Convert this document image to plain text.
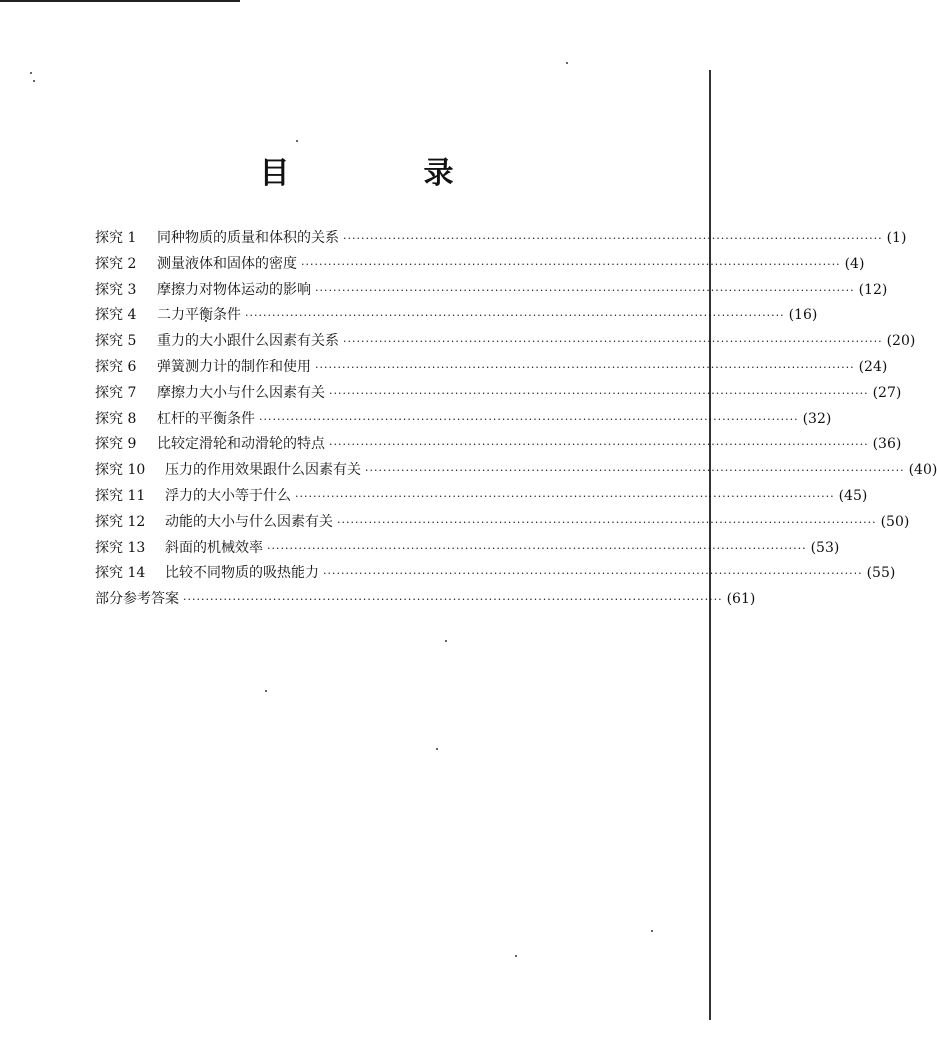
目　录
探究 1	同种物质的质量和体积的关系 ························································································································ (1)
探究 2	测量液体和固体的密度 ························································································································ (4)
探究 3	摩擦力对物体运动的影响 ························································································································ (12)
探究 4	二力平衡条件 ························································································································ (16)
探究 5	重力的大小跟什么因素有关系 ························································································································ (20)
探究 6	弹簧测力计的制作和使用 ························································································································ (24)
探究 7	摩擦力大小与什么因素有关 ························································································································ (27)
探究 8	杠杆的平衡条件 ························································································································ (32)
探究 9	比较定滑轮和动滑轮的特点 ························································································································ (36)
探究 10	压力的作用效果跟什么因素有关 ························································································································ (40)
探究 11	浮力的大小等于什么 ························································································································ (45)
探究 12	动能的大小与什么因素有关 ························································································································ (50)
探究 13	斜面的机械效率 ························································································································ (53)
探究 14	比较不同物质的吸热能力 ························································································································ (55)
部分参考答案 ························································································································ (61)
